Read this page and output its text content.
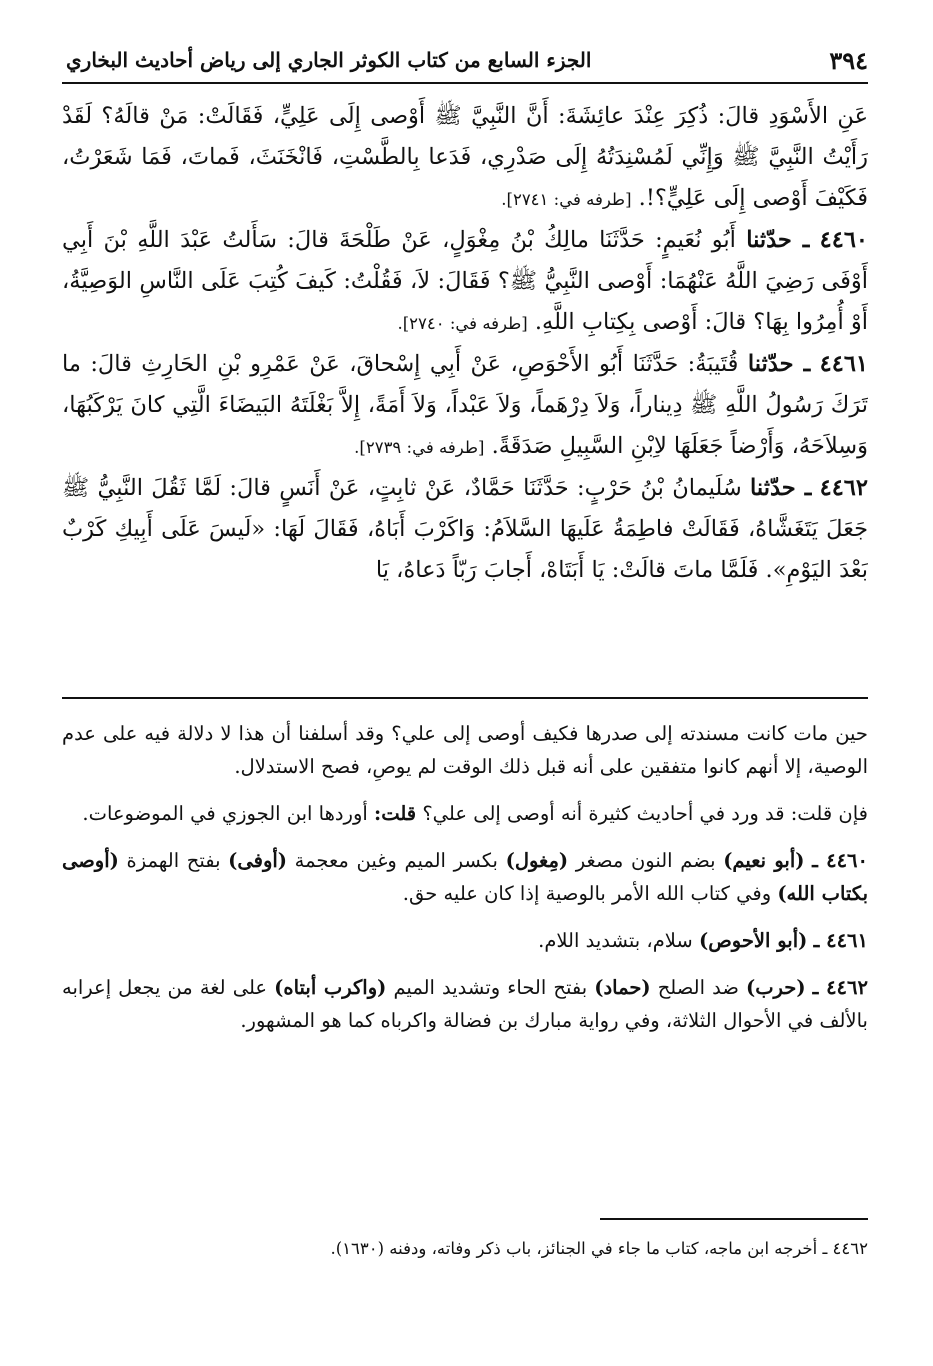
٣٩٤
الجزء السابع من كتاب الكوثر الجاري إلى رياض أحاديث البخاري

عَنِ الأَسْوَدِ قالَ: ذُكِرَ عِنْدَ عائِشَةَ: أَنَّ النَّبِيَّ ﷺ أَوْصى إِلَى عَلِيٍّ، فَقَالَتْ: مَنْ قالَهُ؟ لَقَدْ رَأَيْتُ النَّبِيَّ ﷺ وَإِنِّي لَمُسْنِدَتُهُ إِلَى صَدْرِي، فَدَعا بِالطَّسْتِ، فَانْخَنَثَ، فَماتَ، فَمَا شَعَرْتُ، فَكَيْفَ أَوْصى إِلَى عَلِيٍّ؟!. [طرفه في: ٢٧٤١].

٤٤٦٠ ـ حدّثنا أَبُو نُعَيمٍ: حَدَّثَنَا مالِكُ بْنُ مِغْوَلٍ، عَنْ طَلْحَةَ قالَ: سَأَلتُ عَبْدَ اللَّهِ بْنَ أَبِي أَوْفَى رَضِيَ اللَّهُ عَنْهُمَا: أَوْصى النَّبِيُّ ﷺ؟ فَقَالَ: لاَ، فَقُلْتُ: كَيفَ كُتِبَ عَلَى النَّاسِ الوَصِيَّةُ، أَوْ أُمِرُوا بِهَا؟ قالَ: أَوْصى بِكِتابِ اللَّهِ. [طرفه في: ٢٧٤٠].

٤٤٦١ ـ حدّثنا قُتَيبَةُ: حَدَّثَنَا أَبُو الأَحْوَصِ، عَنْ أَبِي إِسْحاقَ، عَنْ عَمْرِو بْنِ الحَارِثِ قالَ: ما تَرَكَ رَسُولُ اللَّهِ ﷺ دِيناراً، وَلاَ دِرْهَماً، وَلاَ عَبْداً، وَلاَ أَمَةً، إِلاَّ بَغْلَتَهُ البَيضَاءَ الَّتِي كانَ يَرْكَبُهَا، وَسِلاَحَهُ، وَأَرْضاً جَعَلَهَا لاِبْنِ السَّبِيلِ صَدَقَةً. [طرفه في: ٢٧٣٩].

٤٤٦٢ ـ حدّثنا سُلَيمانُ بْنُ حَرْبٍ: حَدَّثَنَا حَمَّادٌ، عَنْ ثابِتٍ، عَنْ أَنَسٍ قالَ: لَمَّا ثَقُلَ النَّبِيُّ ﷺ جَعَلَ يَتَغَشَّاهُ، فَقَالَتْ فاطِمَةُ عَلَيهَا السَّلاَمُ: وَاكَرْبَ أَبَاهُ، فَقَالَ لَهَا: «لَيسَ عَلَى أَبِيكِ كَرْبٌ بَعْدَ اليَوْمِ». فَلَمَّا ماتَ قالَتْ: يَا أَبَتَاهْ، أَجابَ رَبّاً دَعاهُ، يَا

حين مات كانت مسندته إلى صدرها فكيف أوصى إلى علي؟ وقد أسلفنا أن هذا لا دلالة فيه على عدم الوصية، إلا أنهم كانوا متفقين على أنه قبل ذلك الوقت لم يوصِ، فصح الاستدلال.

فإن قلت: قد ورد في أحاديث كثيرة أنه أوصى إلى علي؟ قلت: أوردها ابن الجوزي في الموضوعات.

٤٤٦٠ ـ (أبو نعيم) بضم النون مصغر (مِغول) بكسر الميم وغين معجمة (أوفى) بفتح الهمزة (أوصى بكتاب الله) وفي كتاب الله الأمر بالوصية إذا كان عليه حق.

٤٤٦١ ـ (أبو الأحوص) سلام، بتشديد اللام.

٤٤٦٢ ـ (حرب) ضد الصلح (حماد) بفتح الحاء وتشديد الميم (واكرب أبتاه) على لغة من يجعل إعرابه بالألف في الأحوال الثلاثة، وفي رواية مبارك بن فضالة واكرباه كما هو المشهور.

٤٤٦٢ ـ أخرجه ابن ماجه، كتاب ما جاء في الجنائز، باب ذكر وفاته، ودفنه (١٦٣٠).
